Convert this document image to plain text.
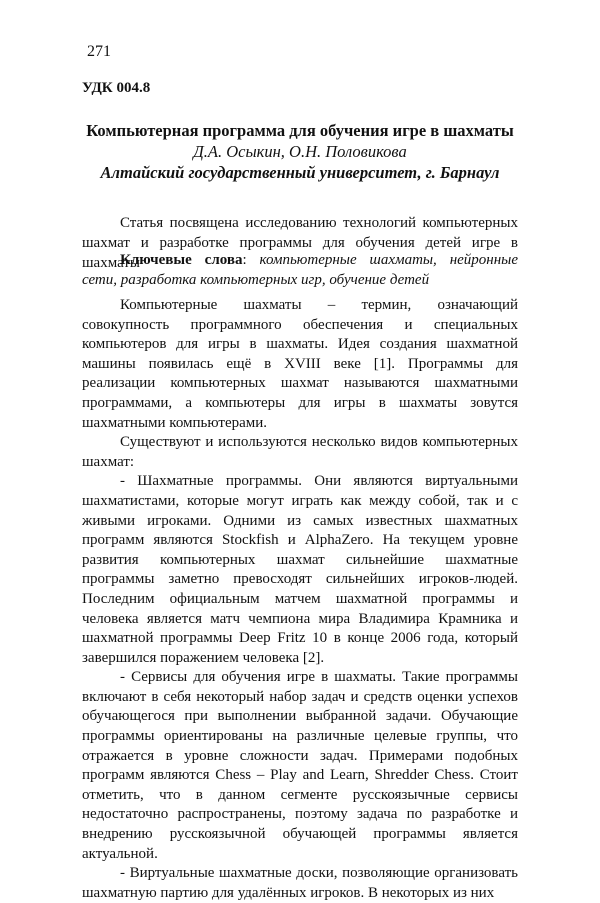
271
УДК 004.8

Компьютерная программа для обучения игре в шахматы

Д.А. Осыкин, О.Н. Половикова

Алтайский государственный университет, г. Барнаул

Статья посвящена исследованию технологий компьютерных шахмат и разработке программы для обучения детей игре в шахматы

Ключевые слова: компьютерные шахматы, нейронные сети, разработка компьютерных игр, обучение детей

Компьютерные шахматы – термин, означающий совокупность программного обеспечения и специальных компьютеров для игры в шахматы. Идея создания шахматной машины появилась ещё в XVIII веке [1]. Программы для реализации компьютерных шахмат называются шахматными программами, а компьютеры для игры в шахматы зовутся шахматными компьютерами.

Существуют и используются несколько видов компьютерных шахмат:

- Шахматные программы. Они являются виртуальными шахматистами, которые могут играть как между собой, так и с живыми игроками. Одними из самых известных шахматных программ являются Stockfish и AlphaZero. На текущем уровне развития компьютерных шахмат сильнейшие шахматные программы заметно превосходят сильнейших игроков-людей. Последним официальным матчем шахматной программы и человека является матч чемпиона мира Владимира Крамника и шахматной программы Deep Fritz 10 в конце 2006 года, который завершился поражением человека [2].

- Сервисы для обучения игре в шахматы. Такие программы включают в себя некоторый набор задач и средств оценки успехов обучающегося при выполнении выбранной задачи. Обучающие программы ориентированы на различные целевые группы, что отражается в уровне сложности задач. Примерами подобных программ являются Chess – Play and Learn, Shredder Chess. Стоит отметить, что в данном сегменте русскоязычные сервисы недостаточно распространены, поэтому задача по разработке и внедрению русскоязычной обучающей программы является актуальной.

- Виртуальные шахматные доски, позволяющие организовать шахматную партию для удалённых игроков. В некоторых из них
